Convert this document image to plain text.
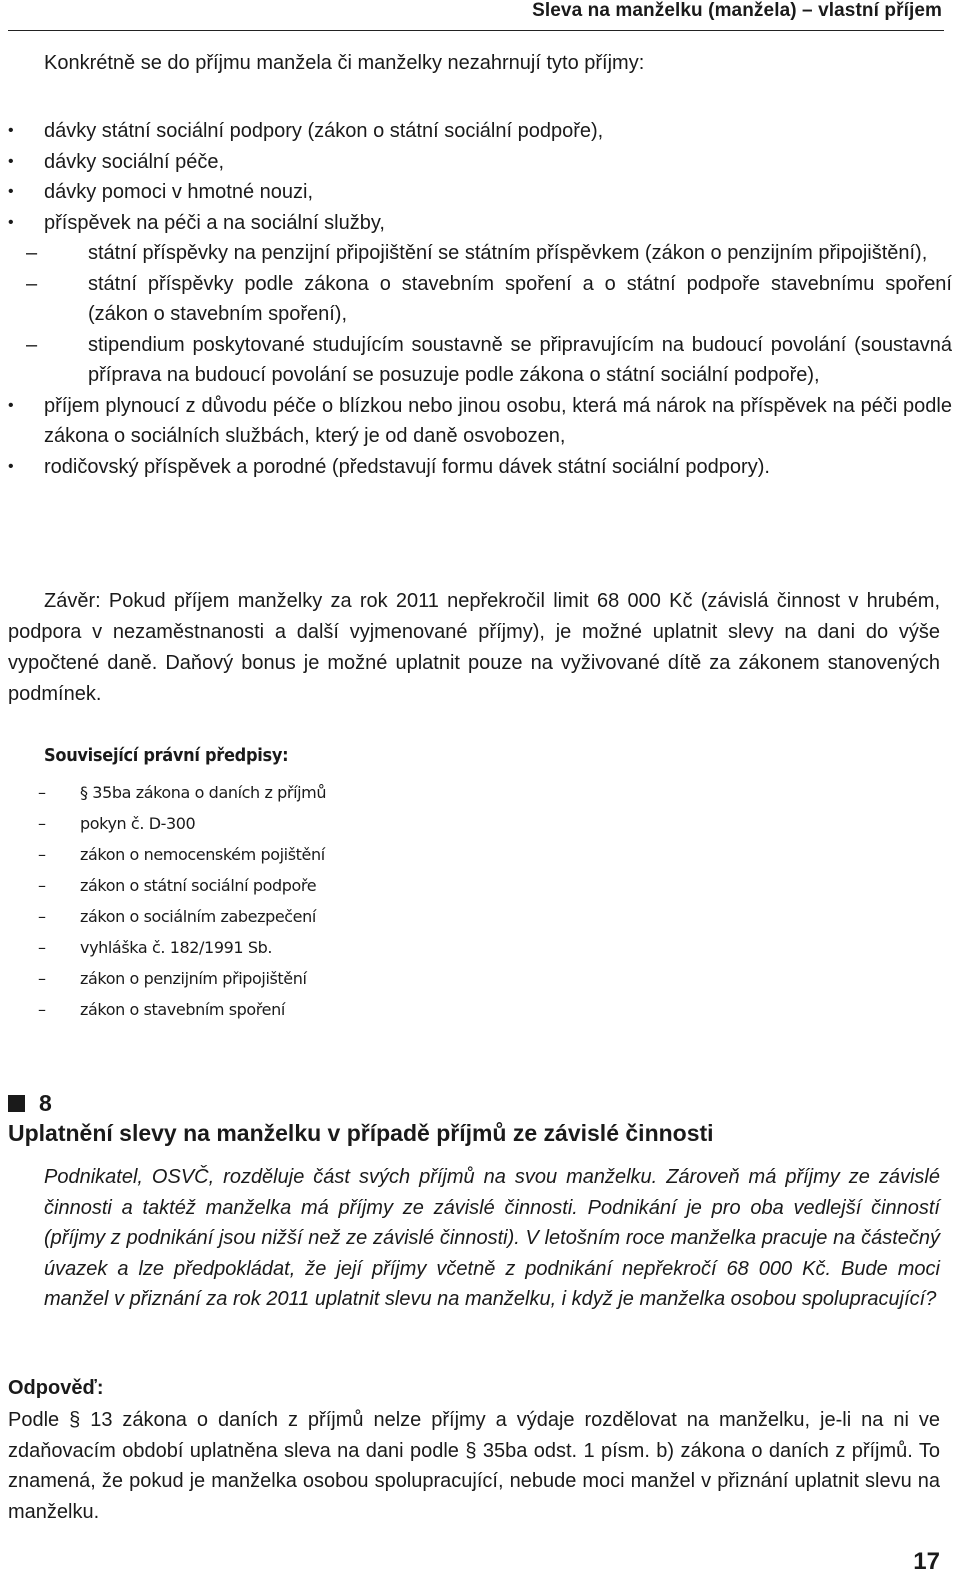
Sleva na manželku (manžela) – vlastní příjem

Konkrétně se do příjmu manžela či manželky nezahrnují tyto příjmy:

• dávky státní sociální podpory (zákon o státní sociální podpoře),
• dávky sociální péče,
• dávky pomoci v hmotné nouzi,
• příspěvek na péči a na sociální služby,
–	státní příspěvky na penzijní připojištění se státním příspěvkem (zákon o penzijním připojištění),
–	státní příspěvky podle zákona o stavebním spoření a o státní podpoře stavebnímu spoření (zákon o stavebním spoření),
–	stipendium poskytované studujícím soustavně se připravujícím na budoucí povolání (soustavná příprava na budoucí povolání se posuzuje podle zákona o státní sociální podpoře),
• příjem plynoucí z důvodu péče o blízkou nebo jinou osobu, která má nárok na příspěvek na péči podle zákona o sociálních službách, který je od daně osvobozen,
• rodičovský příspěvek a porodné (představují formu dávek státní sociální podpory).

Závěr: Pokud příjem manželky za rok 2011 nepřekročil limit 68 000 Kč (závislá činnost v hrubém, podpora v nezaměstnanosti a další vyjmenované příjmy), je možné uplatnit slevy na dani do výše vypočtené daně. Daňový bonus je možné uplatnit pouze na vyživované dítě za zákonem stanovených podmínek.

Související právní předpisy:
– § 35ba zákona o daních z příjmů
– pokyn č. D-300
– zákon o nemocenském pojištění
– zákon o státní sociální podpoře
– zákon o sociálním zabezpečení
– vyhláška č. 182/1991 Sb.
– zákon o penzijním připojištění
– zákon o stavebním spoření
8
Uplatnění slevy na manželku v případě příjmů ze závislé činnosti

Podnikatel, OSVČ, rozděluje část svých příjmů na svou manželku. Zároveň má příjmy ze závislé činnosti a taktéž manželka má příjmy ze závislé činnosti. Podnikání je pro oba vedlejší činností (příjmy z podnikání jsou nižší než ze závislé činnosti). V letošním roce manželka pracuje na částečný úvazek a lze předpokládat, že její příjmy včetně z podnikání nepřekročí 68 000 Kč. Bude moci manžel v přiznání za rok 2011 uplatnit slevu na manželku, i když je manželka osobou spolupracující?

Odpověď:

Podle § 13 zákona o daních z příjmů nelze příjmy a výdaje rozdělovat na manželku, je-li na ni ve zdaňovacím období uplatněna sleva na dani podle § 35ba odst. 1 písm. b) zákona o daních z příjmů. To znamená, že pokud je manželka osobou spolupracující, nebude moci manžel v přiznání uplatnit slevu na manželku.

17
